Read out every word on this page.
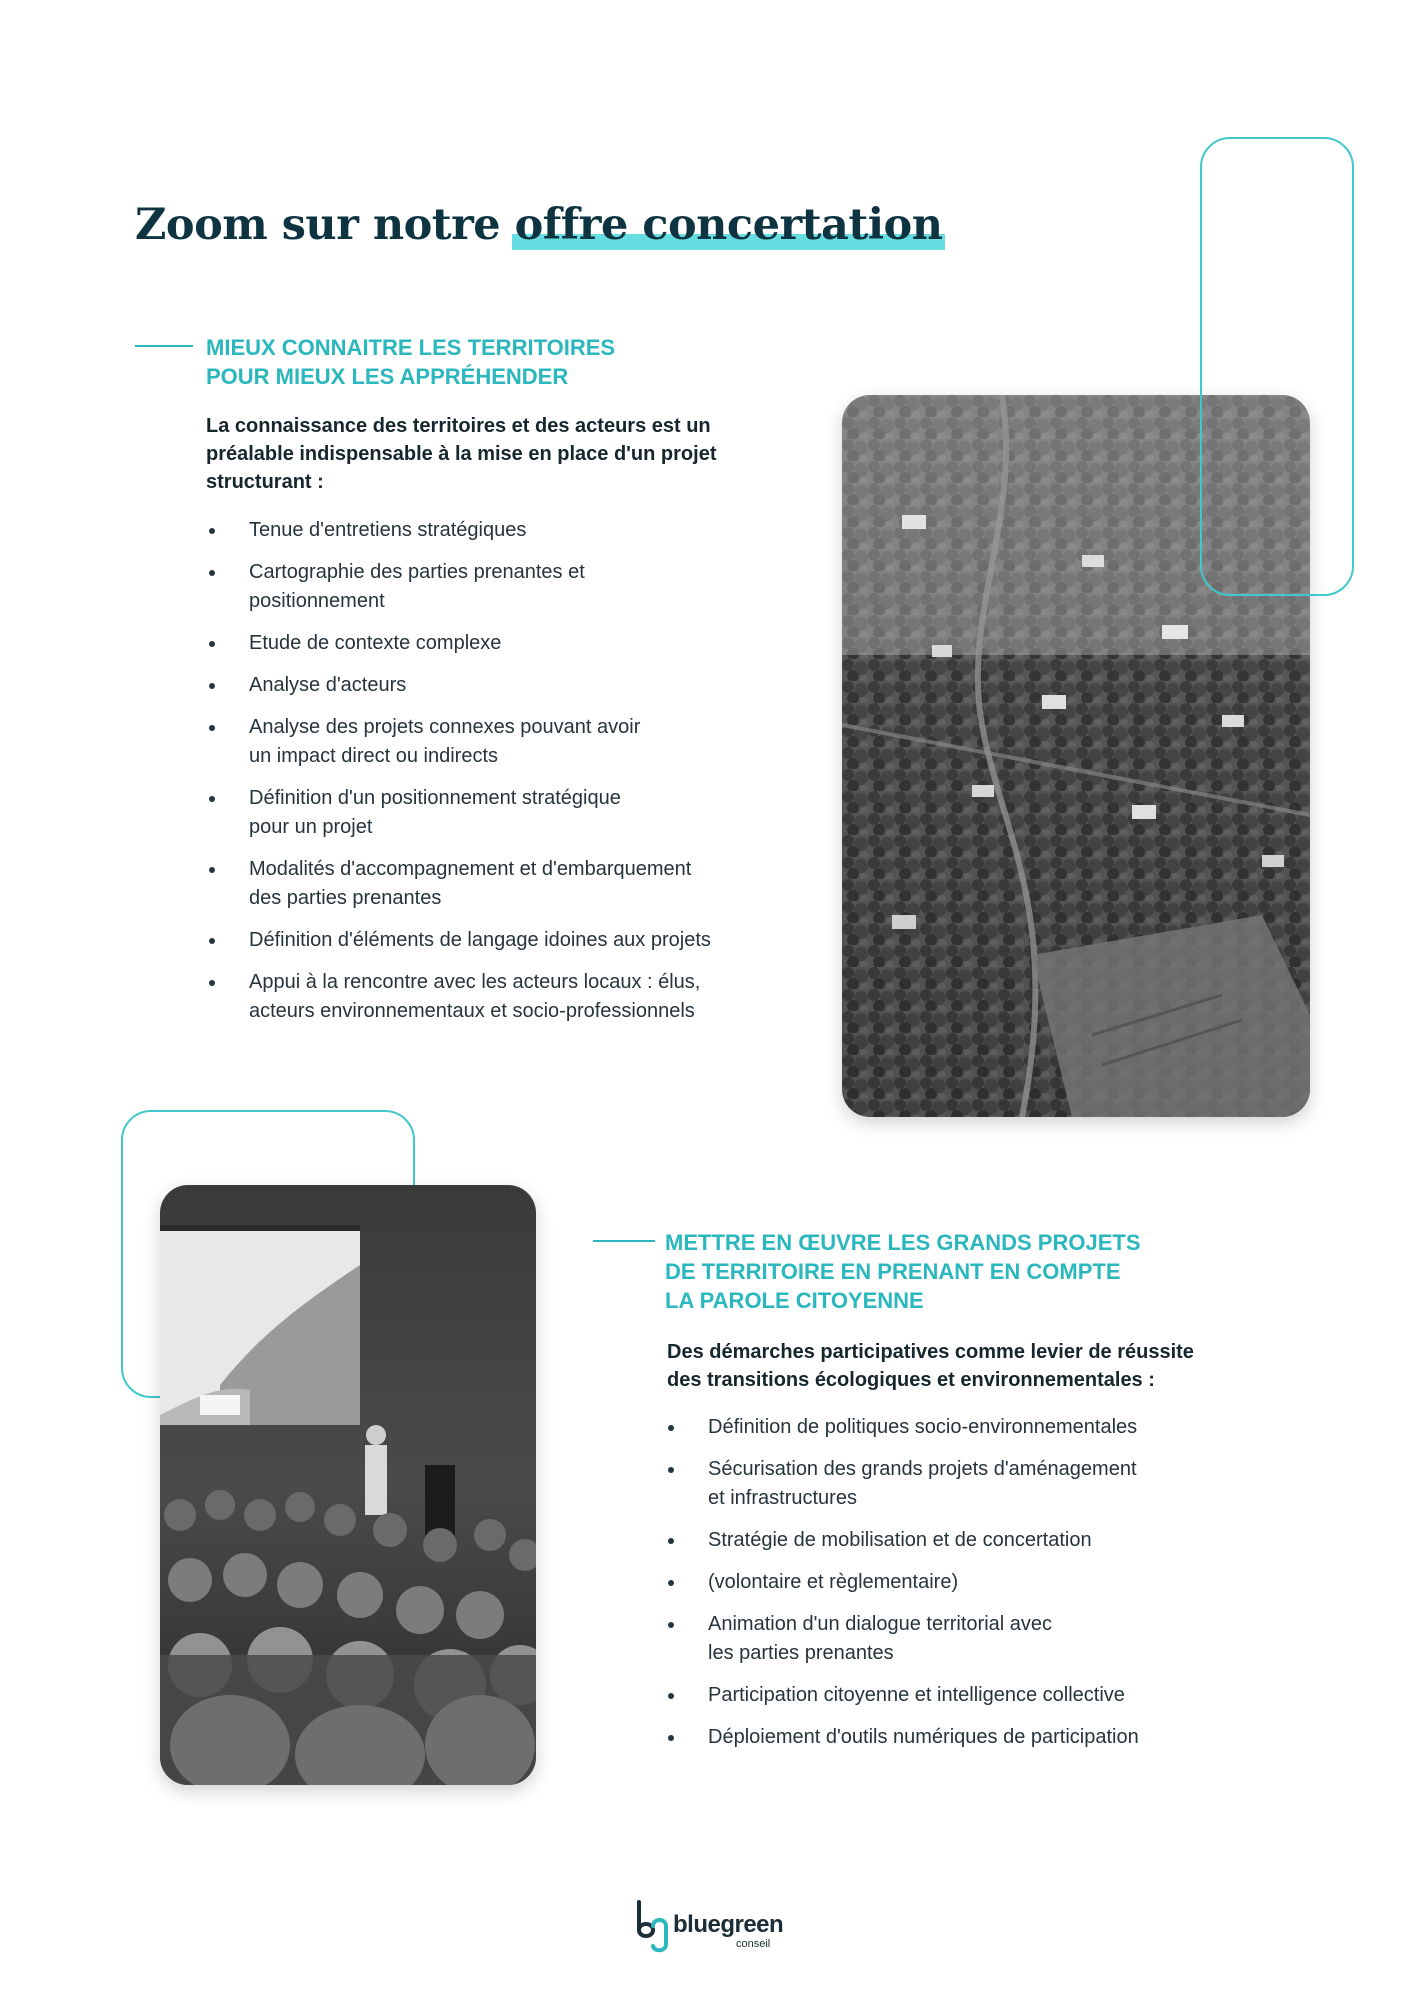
Zoom sur notre offre concertation
MIEUX CONNAITRE LES TERRITOIRES
POUR MIEUX LES APPRÉHENDER

La connaissance des territoires et des acteurs est un
préalable indispensable à la mise en place d'un projet
structurant :

Tenue d'entretiens stratégiques
Cartographie des parties prenantes et
positionnement
Etude de contexte complexe
Analyse d'acteurs
Analyse des projets connexes pouvant avoir
un impact direct ou indirects
Définition d'un positionnement stratégique
pour un projet
Modalités d'accompagnement et d'embarquement
des parties prenantes
Définition d'éléments de langage idoines aux projets
Appui à la rencontre avec les acteurs locaux : élus,
acteurs environnementaux et socio-professionnels
METTRE EN ŒUVRE LES GRANDS PROJETS
DE TERRITOIRE EN PRENANT EN COMPTE
LA PAROLE CITOYENNE

Des démarches participatives comme levier de réussite
des transitions écologiques et environnementales :

Définition de politiques socio-environnementales
Sécurisation des grands projets d'aménagement
et infrastructures
Stratégie de mobilisation et de concertation
(volontaire et règlementaire)
Animation d'un dialogue territorial avec
les parties prenantes
Participation citoyenne et intelligence collective
Déploiement d'outils numériques de participation
bluegreen
conseil
